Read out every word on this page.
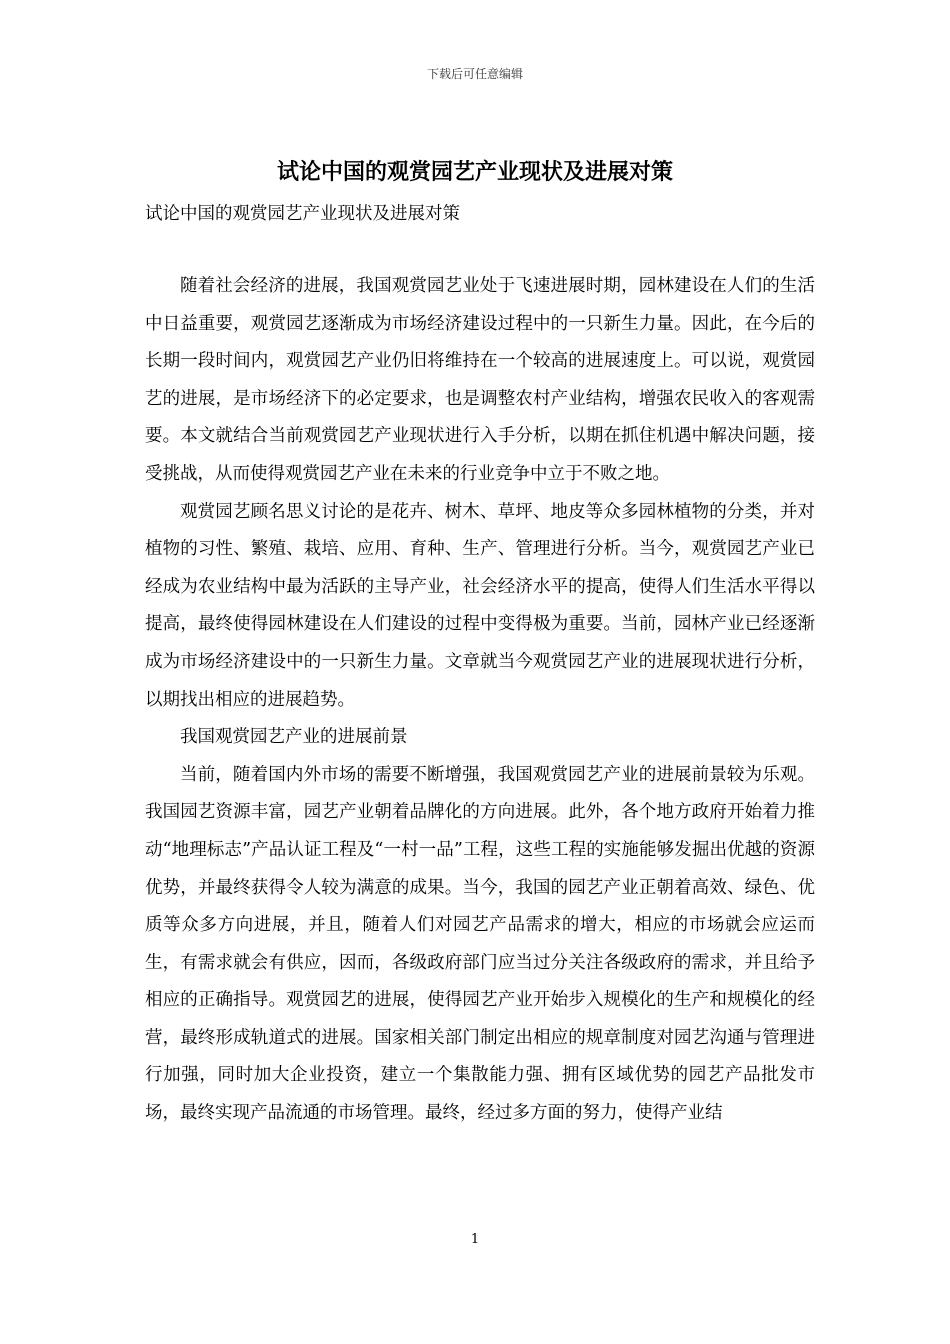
下载后可任意编辑
试论中国的观赏园艺产业现状及进展对策

试论中国的观赏园艺产业现状及进展对策

随着社会经济的进展，我国观赏园艺业处于飞速进展时期，园林建设在人们的生活中日益重要，观赏园艺逐渐成为市场经济建设过程中的一只新生力量。因此，在今后的长期一段时间内，观赏园艺产业仍旧将维持在一个较高的进展速度上。可以说，观赏园艺的进展，是市场经济下的必定要求，也是调整农村产业结构，增强农民收入的客观需要。本文就结合当前观赏园艺产业现状进行入手分析，以期在抓住机遇中解决问题，接受挑战，从而使得观赏园艺产业在未来的行业竞争中立于不败之地。

观赏园艺顾名思义讨论的是花卉、树木、草坪、地皮等众多园林植物的分类，并对植物的习性、繁殖、栽培、应用、育种、生产、管理进行分析。当今，观赏园艺产业已经成为农业结构中最为活跃的主导产业，社会经济水平的提高，使得人们生活水平得以提高，最终使得园林建设在人们建设的过程中变得极为重要。当前，园林产业已经逐渐成为市场经济建设中的一只新生力量。文章就当今观赏园艺产业的进展现状进行分析，以期找出相应的进展趋势。

我国观赏园艺产业的进展前景

当前，随着国内外市场的需要不断增强，我国观赏园艺产业的进展前景较为乐观。我国园艺资源丰富，园艺产业朝着品牌化的方向进展。此外，各个地方政府开始着力推动“地理标志”产品认证工程及“一村一品”工程，这些工程的实施能够发掘出优越的资源优势，并最终获得令人较为满意的成果。当今，我国的园艺产业正朝着高效、绿色、优质等众多方向进展，并且，随着人们对园艺产品需求的增大，相应的市场就会应运而生，有需求就会有供应，因而，各级政府部门应当过分关注各级政府的需求，并且给予相应的正确指导。观赏园艺的进展，使得园艺产业开始步入规模化的生产和规模化的经营，最终形成轨道式的进展。国家相关部门制定出相应的规章制度对园艺沟通与管理进行加强，同时加大企业投资，建立一个集散能力强、拥有区域优势的园艺产品批发市场，最终实现产品流通的市场管理。最终，经过多方面的努力，使得产业结

1
